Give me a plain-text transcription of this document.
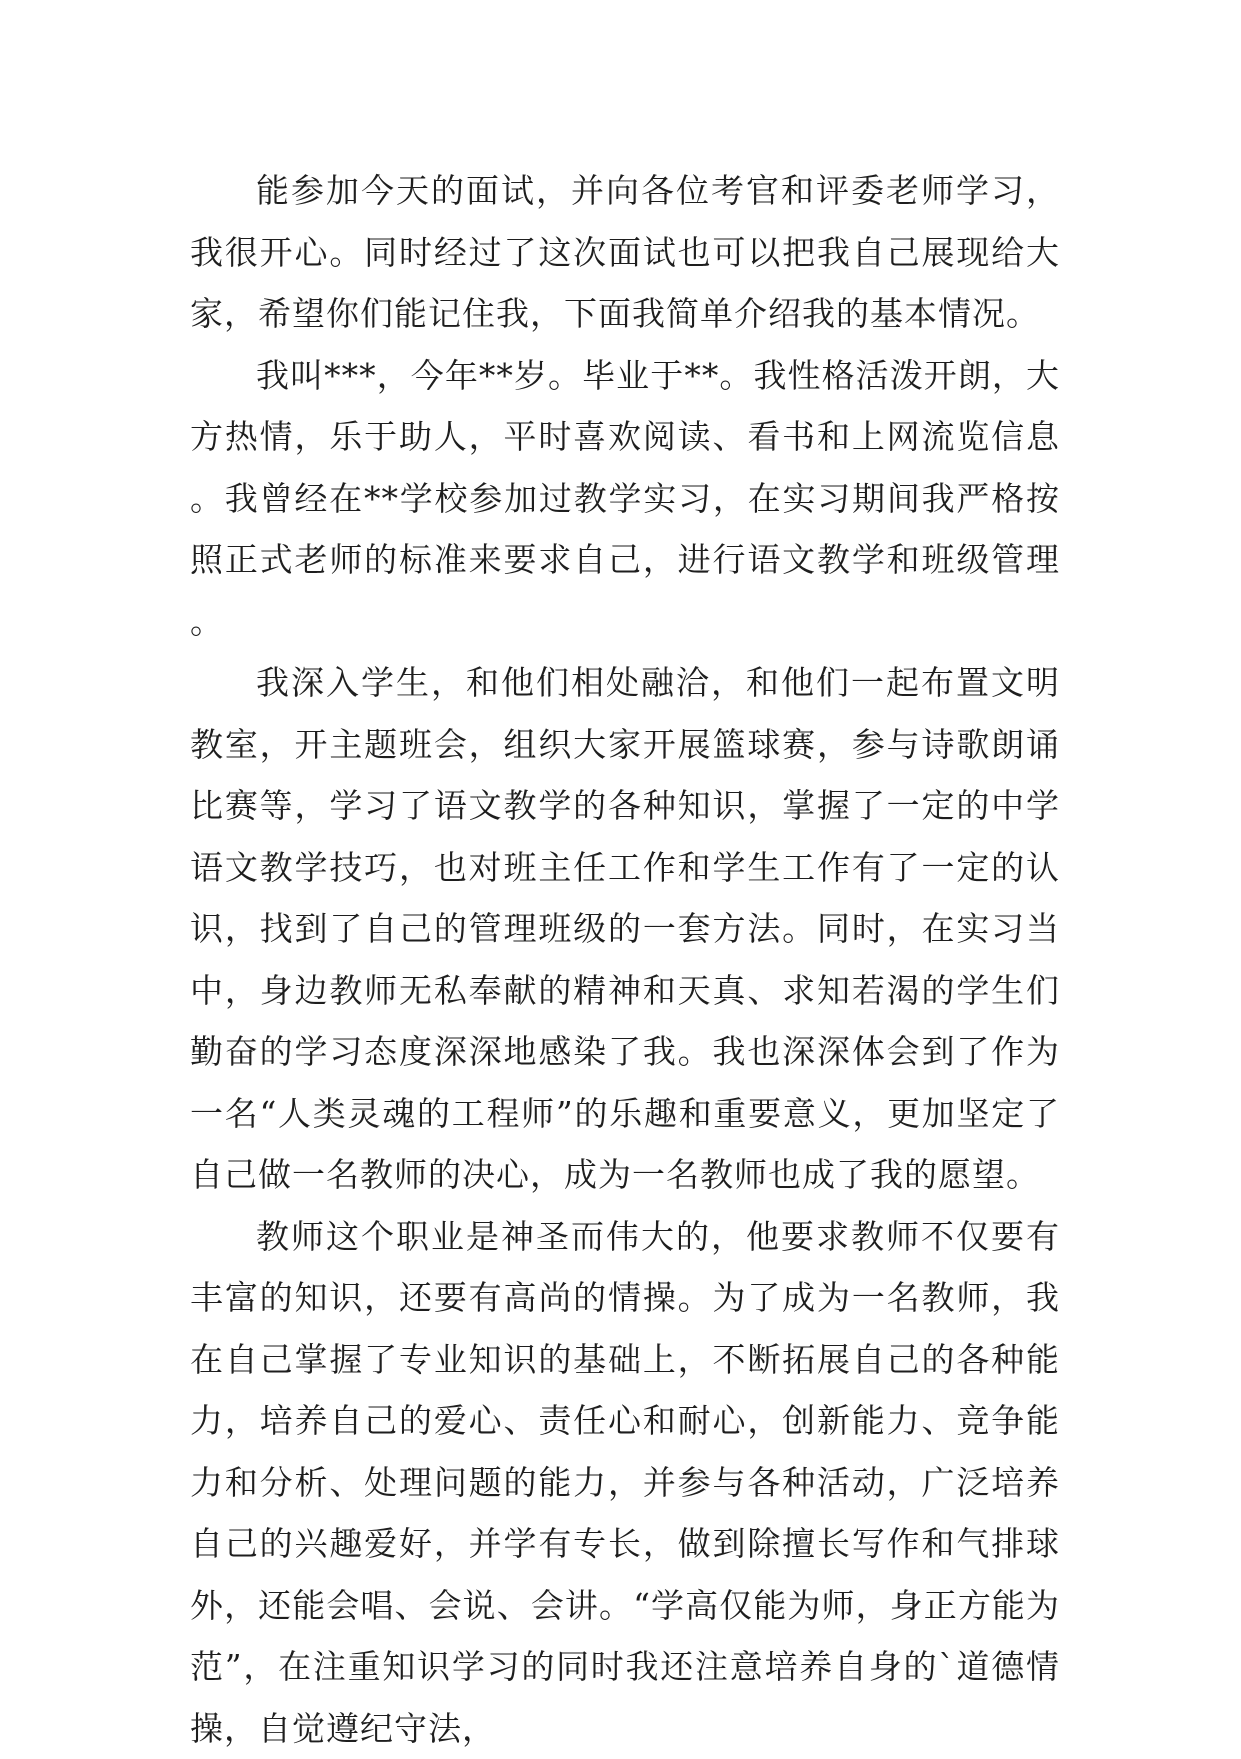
能参加今天的面试，并向各位考官和评委老师学习，我很开心。同时经过了这次面试也可以把我自己展现给大家，希望你们能记住我，下面我简单介绍我的基本情况。

我叫***，今年**岁。毕业于**。我性格活泼开朗，大方热情，乐于助人，平时喜欢阅读、看书和上网流览信息。我曾经在**学校参加过教学实习，在实习期间我严格按照正式老师的标准来要求自己，进行语文教学和班级管理。

我深入学生，和他们相处融洽，和他们一起布置文明教室，开主题班会，组织大家开展篮球赛，参与诗歌朗诵比赛等，学习了语文教学的各种知识，掌握了一定的中学语文教学技巧，也对班主任工作和学生工作有了一定的认识，找到了自己的管理班级的一套方法。同时，在实习当中，身边教师无私奉献的精神和天真、求知若渴的学生们勤奋的学习态度深深地感染了我。我也深深体会到了作为一名“人类灵魂的工程师”的乐趣和重要意义，更加坚定了自己做一名教师的决心，成为一名教师也成了我的愿望。

教师这个职业是神圣而伟大的，他要求教师不仅要有丰富的知识，还要有高尚的情操。为了成为一名教师，我在自己掌握了专业知识的基础上，不断拓展自己的各种能力，培养自己的爱心、责任心和耐心，创新能力、竞争能力和分析、处理问题的能力，并参与各种活动，广泛培养自己的兴趣爱好，并学有专长，做到除擅长写作和气排球外，还能会唱、会说、会讲。“学高仅能为师，身正方能为范”，在注重知识学习的同时我还注意培养自身的`道德情操，自觉遵纪守法，
